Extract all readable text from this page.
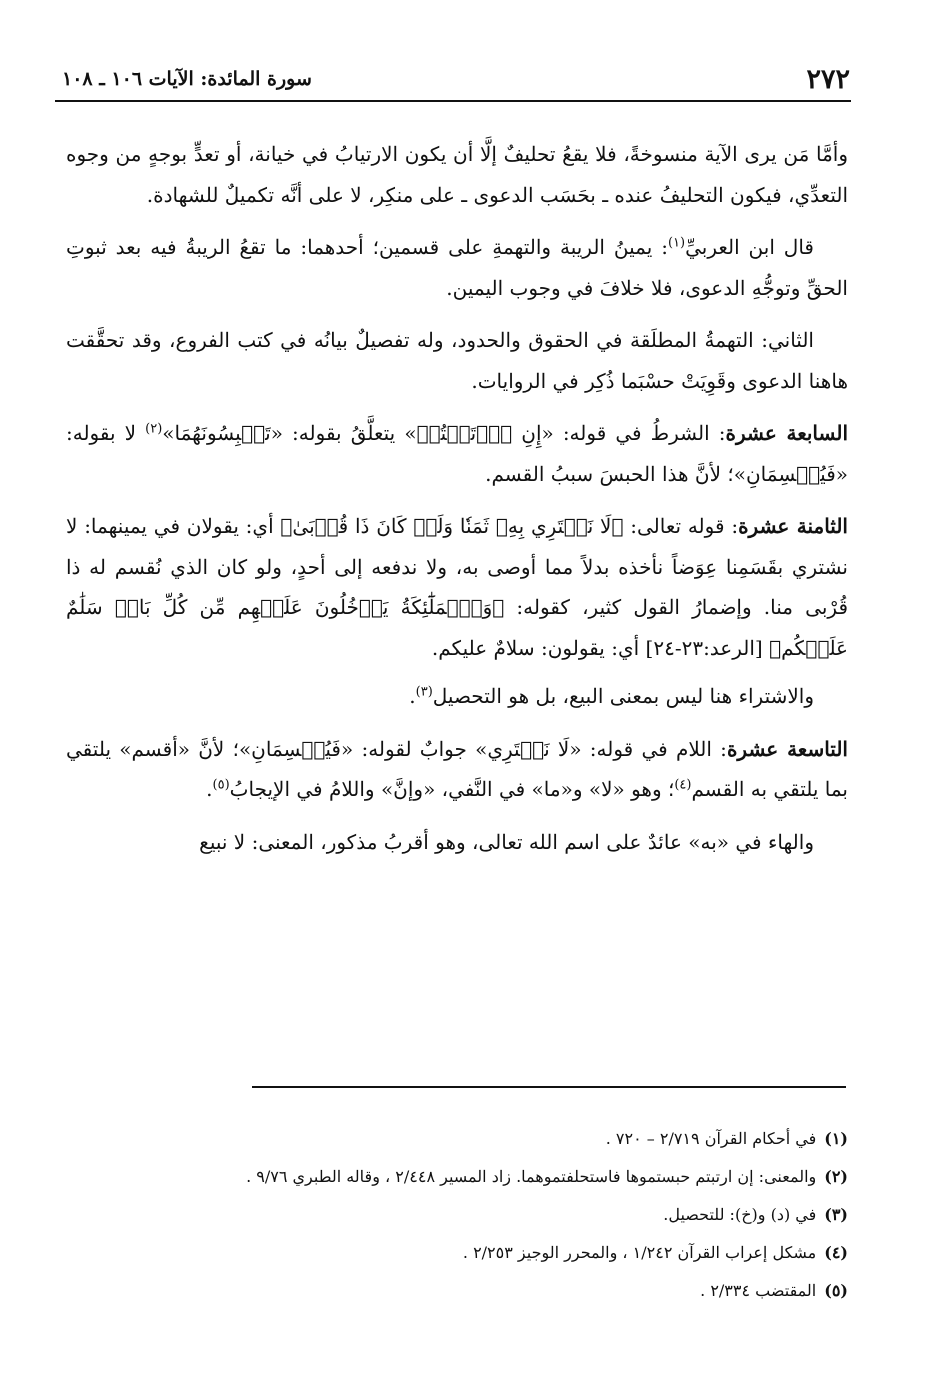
٢٧٢
سورة المائدة: الآيات ١٠٦ ـ ١٠٨

وأمَّا مَن يرى الآية منسوخةً، فلا يقعُ تحليفٌ إلَّا أن يكون الارتيابُ في خيانة، أو تعدٍّ بوجهٍ من وجوه التعدِّي، فيكون التحليفُ عنده ـ بحَسَب الدعوى ـ على منكِر، لا على أنَّه تكميلٌ للشهادة.

قال ابن العربيِّ$^{(١)}$: يمينُ الريبة والتهمةِ على قسمين؛ أحدهما: ما تقعُ الريبةُ فيه بعد ثبوتِ الحقِّ وتوجُّهِ الدعوى، فلا خلافَ في وجوب اليمين.

الثاني: التهمةُ المطلَقة في الحقوق والحدود، وله تفصيلٌ بيانُه في كتب الفروع، وقد تحقَّقت هاهنا الدعوى وقَوِيَتْ حسْبَما ذُكِر في الروايات.

السابعة عشرة: الشرطُ في قوله: «إِنِ ٱرۡتَبۡتُمۡ» يتعلَّقُ بقوله: «تَحۡبِسُونَهُمَا»$^{(٢)}$ لا بقوله: «فَيُقۡسِمَانِ»؛ لأنَّ هذا الحبسَ سببُ القسم.

الثامنة عشرة: قوله تعالى: ﴿لَا نَشۡتَرِي بِهِۦ ثَمَنٗا وَلَوۡ كَانَ ذَا قُرۡبَىٰ﴾ أي: يقولان في يمينهما: لا نشتري بقَسَمِنا عِوَضاً نأخذه بدلاً مما أوصى به، ولا ندفعه إلى أحدٍ، ولو كان الذي نُقسم له ذا قُرْبى منا. وإضمارُ القول كثير، كقوله: ﴿وَٱلۡمَلَٰٓئِكَةُ يَدۡخُلُونَ عَلَيۡهِم مِّن كُلِّ بَابٖ سَلَٰمٌ عَلَيۡكُم﴾ [الرعد:٢٣-٢٤] أي: يقولون: سلامٌ عليكم.

والاشتراء هنا ليس بمعنى البيع، بل هو التحصيل$^{(٣)}$.

التاسعة عشرة: اللام في قوله: «لَا نَشۡتَرِي» جوابٌ لقوله: «فَيُقۡسِمَانِ»؛ لأنَّ «أقسم» يلتقي بما يلتقي به القسم$^{(٤)}$؛ وهو «لا» و«ما» في النَّفي، «وإنَّ» واللامُ في الإيجابُ$^{(٥)}$.

والهاء في «به» عائدٌ على اسم الله تعالى، وهو أقربُ مذكور، المعنى: لا نبيع

(١)في أحكام القرآن ٢/٧١٩ – ٧٢٠ .

(٢)والمعنى: إن ارتبتم حبستموها فاستحلفتموهما. زاد المسير ٢/٤٤٨ ، وقاله الطبري ٩/٧٦ .

(٣)في (د) و(خ): للتحصيل.

(٤)مشكل إعراب القرآن ١/٢٤٢ ، والمحرر الوجيز ٢/٢٥٣ .

(٥)المقتضب ٢/٣٣٤ .
